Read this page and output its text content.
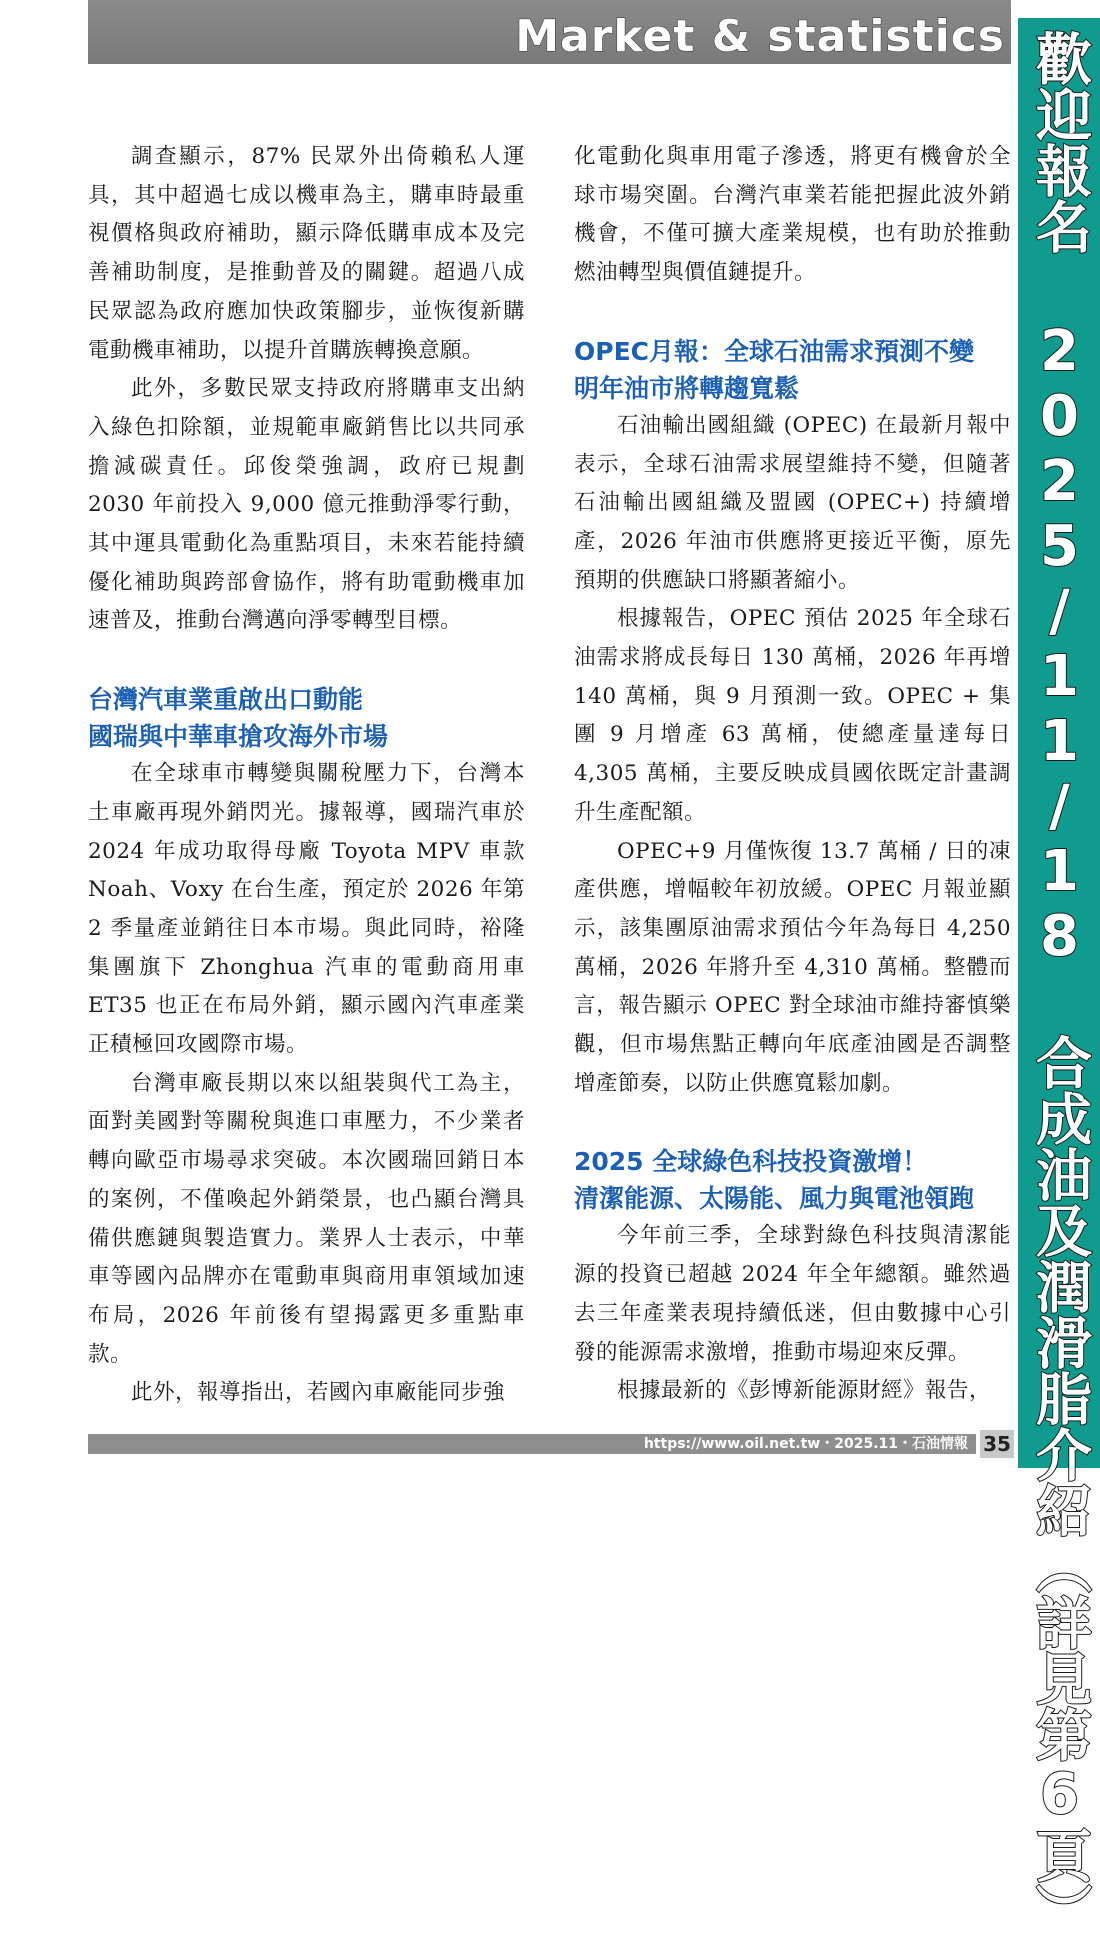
Market & statistics 歡迎報名 2025/11/18 合成油及潤滑脂介紹（詳見第6頁）

調查顯示，87% 民眾外出倚賴私人運具，其中超過七成以機車為主，購車時最重視價格與政府補助，顯示降低購車成本及完善補助制度，是推動普及的關鍵。超過八成民眾認為政府應加快政策腳步，並恢復新購電動機車補助，以提升首購族轉換意願。

此外，多數民眾支持政府將購車支出納入綠色扣除額，並規範車廠銷售比以共同承擔減碳責任。邱俊榮強調，政府已規劃 2030 年前投入 9,000 億元推動淨零行動，其中運具電動化為重點項目，未來若能持續優化補助與跨部會協作，將有助電動機車加速普及，推動台灣邁向淨零轉型目標。

台灣汽車業重啟出口動能
國瑞與中華車搶攻海外市場

在全球車市轉變與關稅壓力下，台灣本土車廠再現外銷閃光。據報導，國瑞汽車於 2024 年成功取得母廠 Toyota MPV 車款 Noah、Voxy 在台生產，預定於 2026 年第 2 季量產並銷往日本市場。與此同時，裕隆集團旗下 Zhonghua 汽車的電動商用車 ET35 也正在布局外銷，顯示國內汽車產業正積極回攻國際市場。

台灣車廠長期以來以組裝與代工為主，面對美國對等關稅與進口車壓力，不少業者轉向歐亞市場尋求突破。本次國瑞回銷日本的案例，不僅喚起外銷榮景，也凸顯台灣具備供應鏈與製造實力。業界人士表示，中華車等國內品牌亦在電動車與商用車領域加速布局，2026 年前後有望揭露更多重點車款。

此外，報導指出，若國內車廠能同步強

化電動化與車用電子滲透，將更有機會於全球市場突圍。台灣汽車業若能把握此波外銷機會，不僅可擴大產業規模，也有助於推動燃油轉型與價值鏈提升。

OPEC月報：全球石油需求預測不變
明年油市將轉趨寬鬆

石油輸出國組織 (OPEC) 在最新月報中表示，全球石油需求展望維持不變，但隨著石油輸出國組織及盟國 (OPEC+) 持續增產，2026 年油市供應將更接近平衡，原先預期的供應缺口將顯著縮小。

根據報告，OPEC 預估 2025 年全球石油需求將成長每日 130 萬桶，2026 年再增 140 萬桶，與 9 月預測一致。OPEC + 集團 9 月增產 63 萬桶，使總產量達每日 4,305 萬桶，主要反映成員國依既定計畫調升生產配額。

OPEC+9 月僅恢復 13.7 萬桶 / 日的凍產供應，增幅較年初放緩。OPEC 月報並顯示，該集團原油需求預估今年為每日 4,250 萬桶，2026 年將升至 4,310 萬桶。整體而言，報告顯示 OPEC 對全球油市維持審慎樂觀，但市場焦點正轉向年底產油國是否調整增產節奏，以防止供應寬鬆加劇。

2025 全球綠色科技投資激增！
清潔能源、太陽能、風力與電池領跑

今年前三季，全球對綠色科技與清潔能源的投資已超越 2024 年全年總額。雖然過去三年產業表現持續低迷，但由數據中心引發的能源需求激增，推動市場迎來反彈。

根據最新的《彭博新能源財經》報告，

https://www.oil.net.tw・2025.11・石油情報 35
